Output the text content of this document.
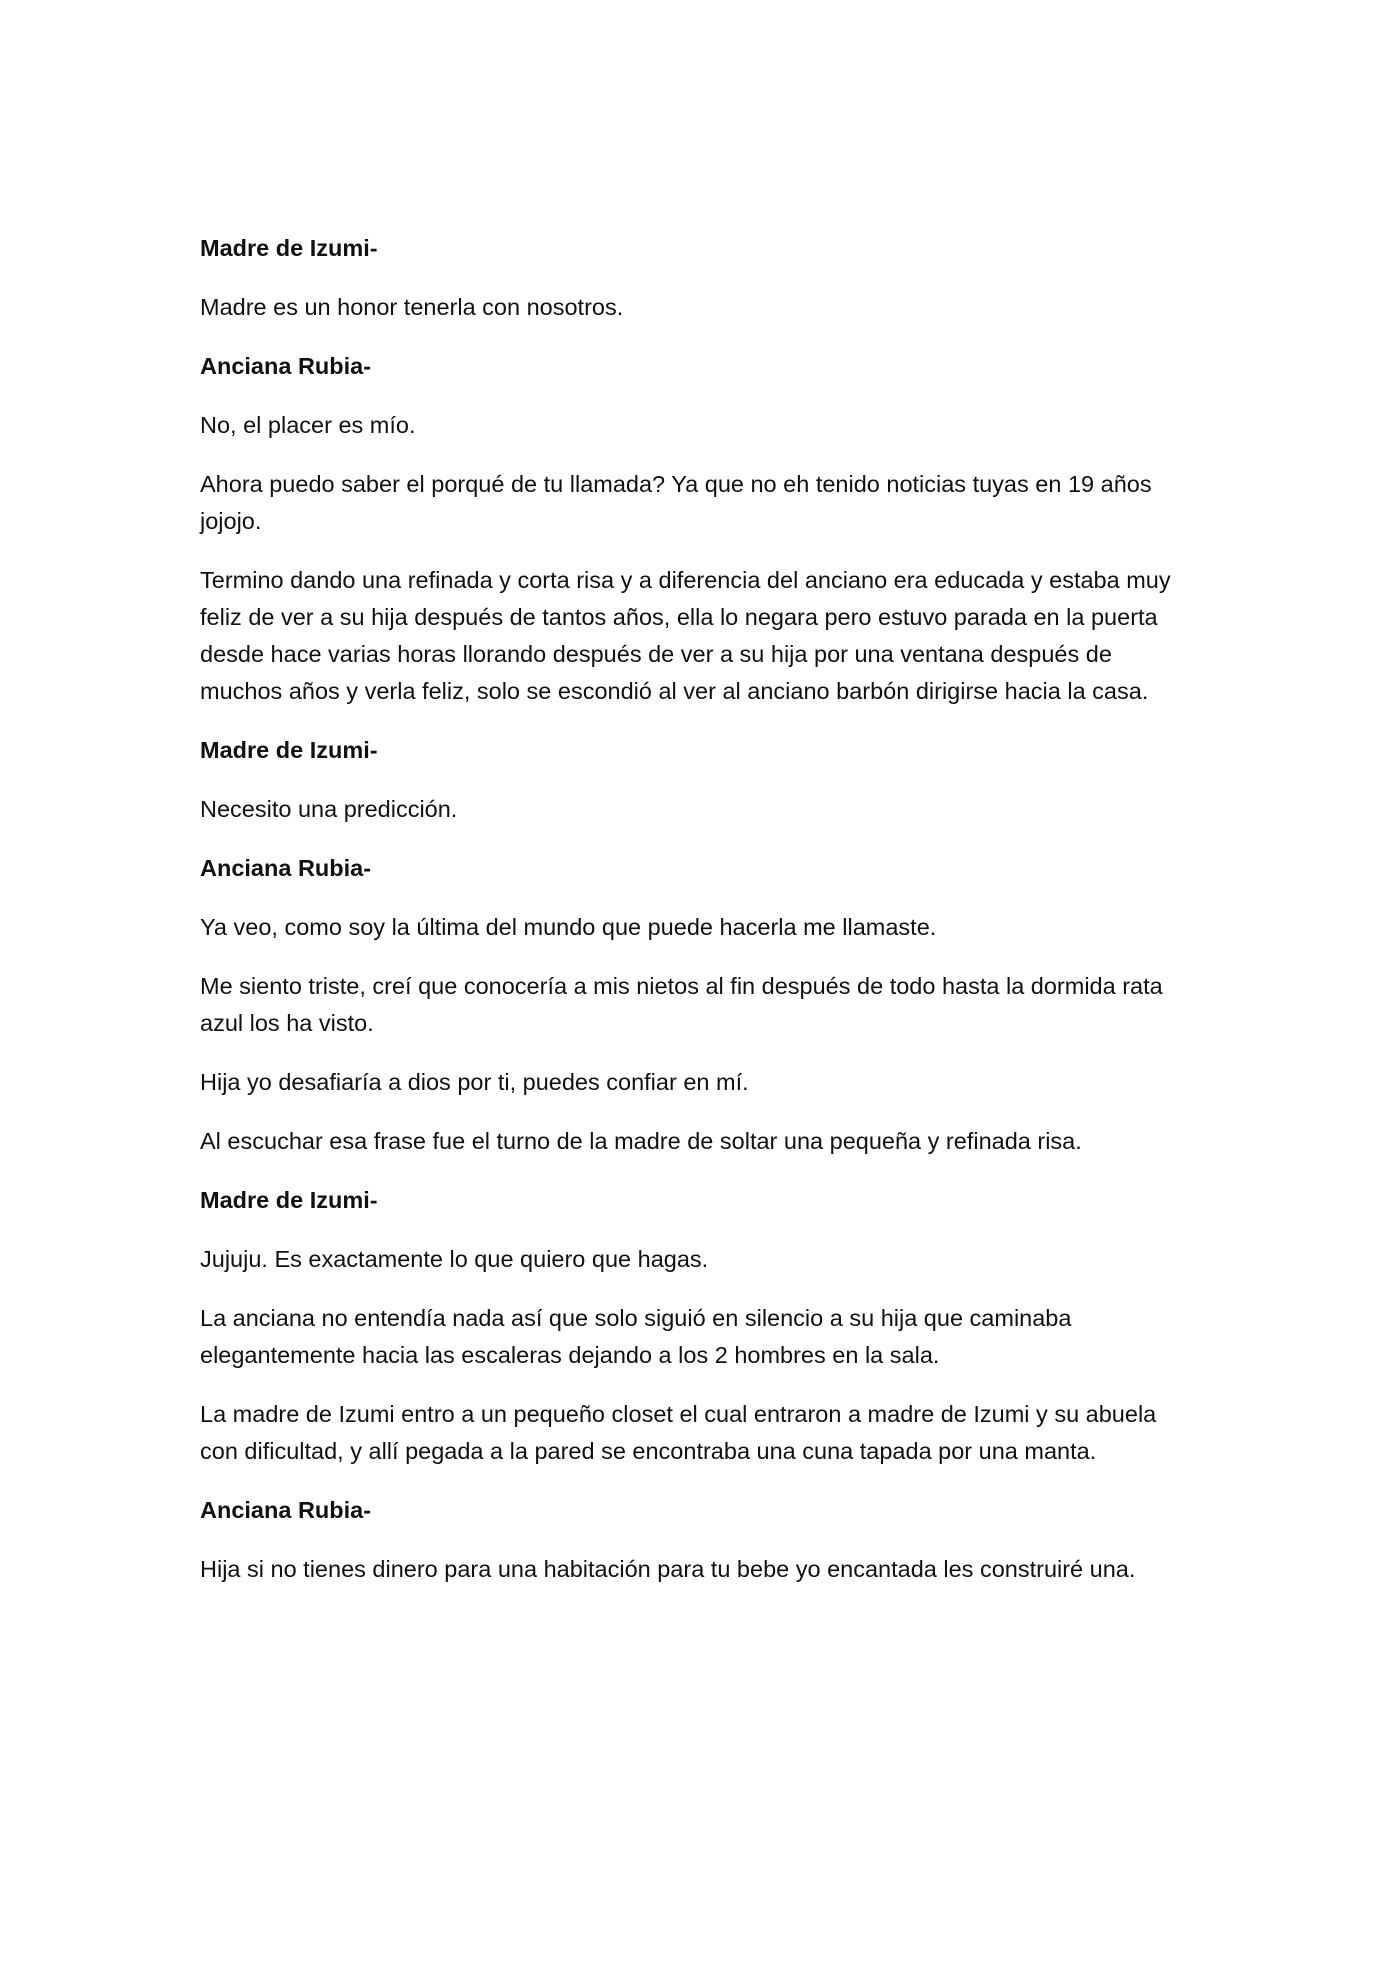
Madre de Izumi-

Madre es un honor tenerla con nosotros.

Anciana Rubia-

No, el placer es mío.

Ahora puedo saber el porqué de tu llamada? Ya que no eh tenido noticias tuyas en 19 años jojojo.

Termino dando una refinada y corta risa y a diferencia del anciano era educada y estaba muy feliz de ver a su hija después de tantos años, ella lo negara pero estuvo parada en la puerta desde hace varias horas llorando después de ver a su hija por una ventana después de muchos años y verla feliz, solo se escondió al ver al anciano barbón dirigirse hacia la casa.

Madre de Izumi-

Necesito una predicción.

Anciana Rubia-

Ya veo, como soy la última del mundo que puede hacerla me llamaste.

Me siento triste, creí que conocería a mis nietos al fin después de todo hasta la dormida rata azul los ha visto.

Hija yo desafiaría a dios por ti, puedes confiar en mí.

Al escuchar esa frase fue el turno de la madre de soltar una pequeña y refinada risa.

Madre de Izumi-

Jujuju. Es exactamente lo que quiero que hagas.

La anciana no entendía nada así que solo siguió en silencio a su hija que caminaba elegantemente hacia las escaleras dejando a los 2 hombres en la sala.

La madre de Izumi entro a un pequeño closet el cual entraron a madre de Izumi y su abuela con dificultad, y allí pegada a la pared se encontraba una cuna tapada por una manta.

Anciana Rubia-

Hija si no tienes dinero para una habitación para tu bebe yo encantada les construiré una.
